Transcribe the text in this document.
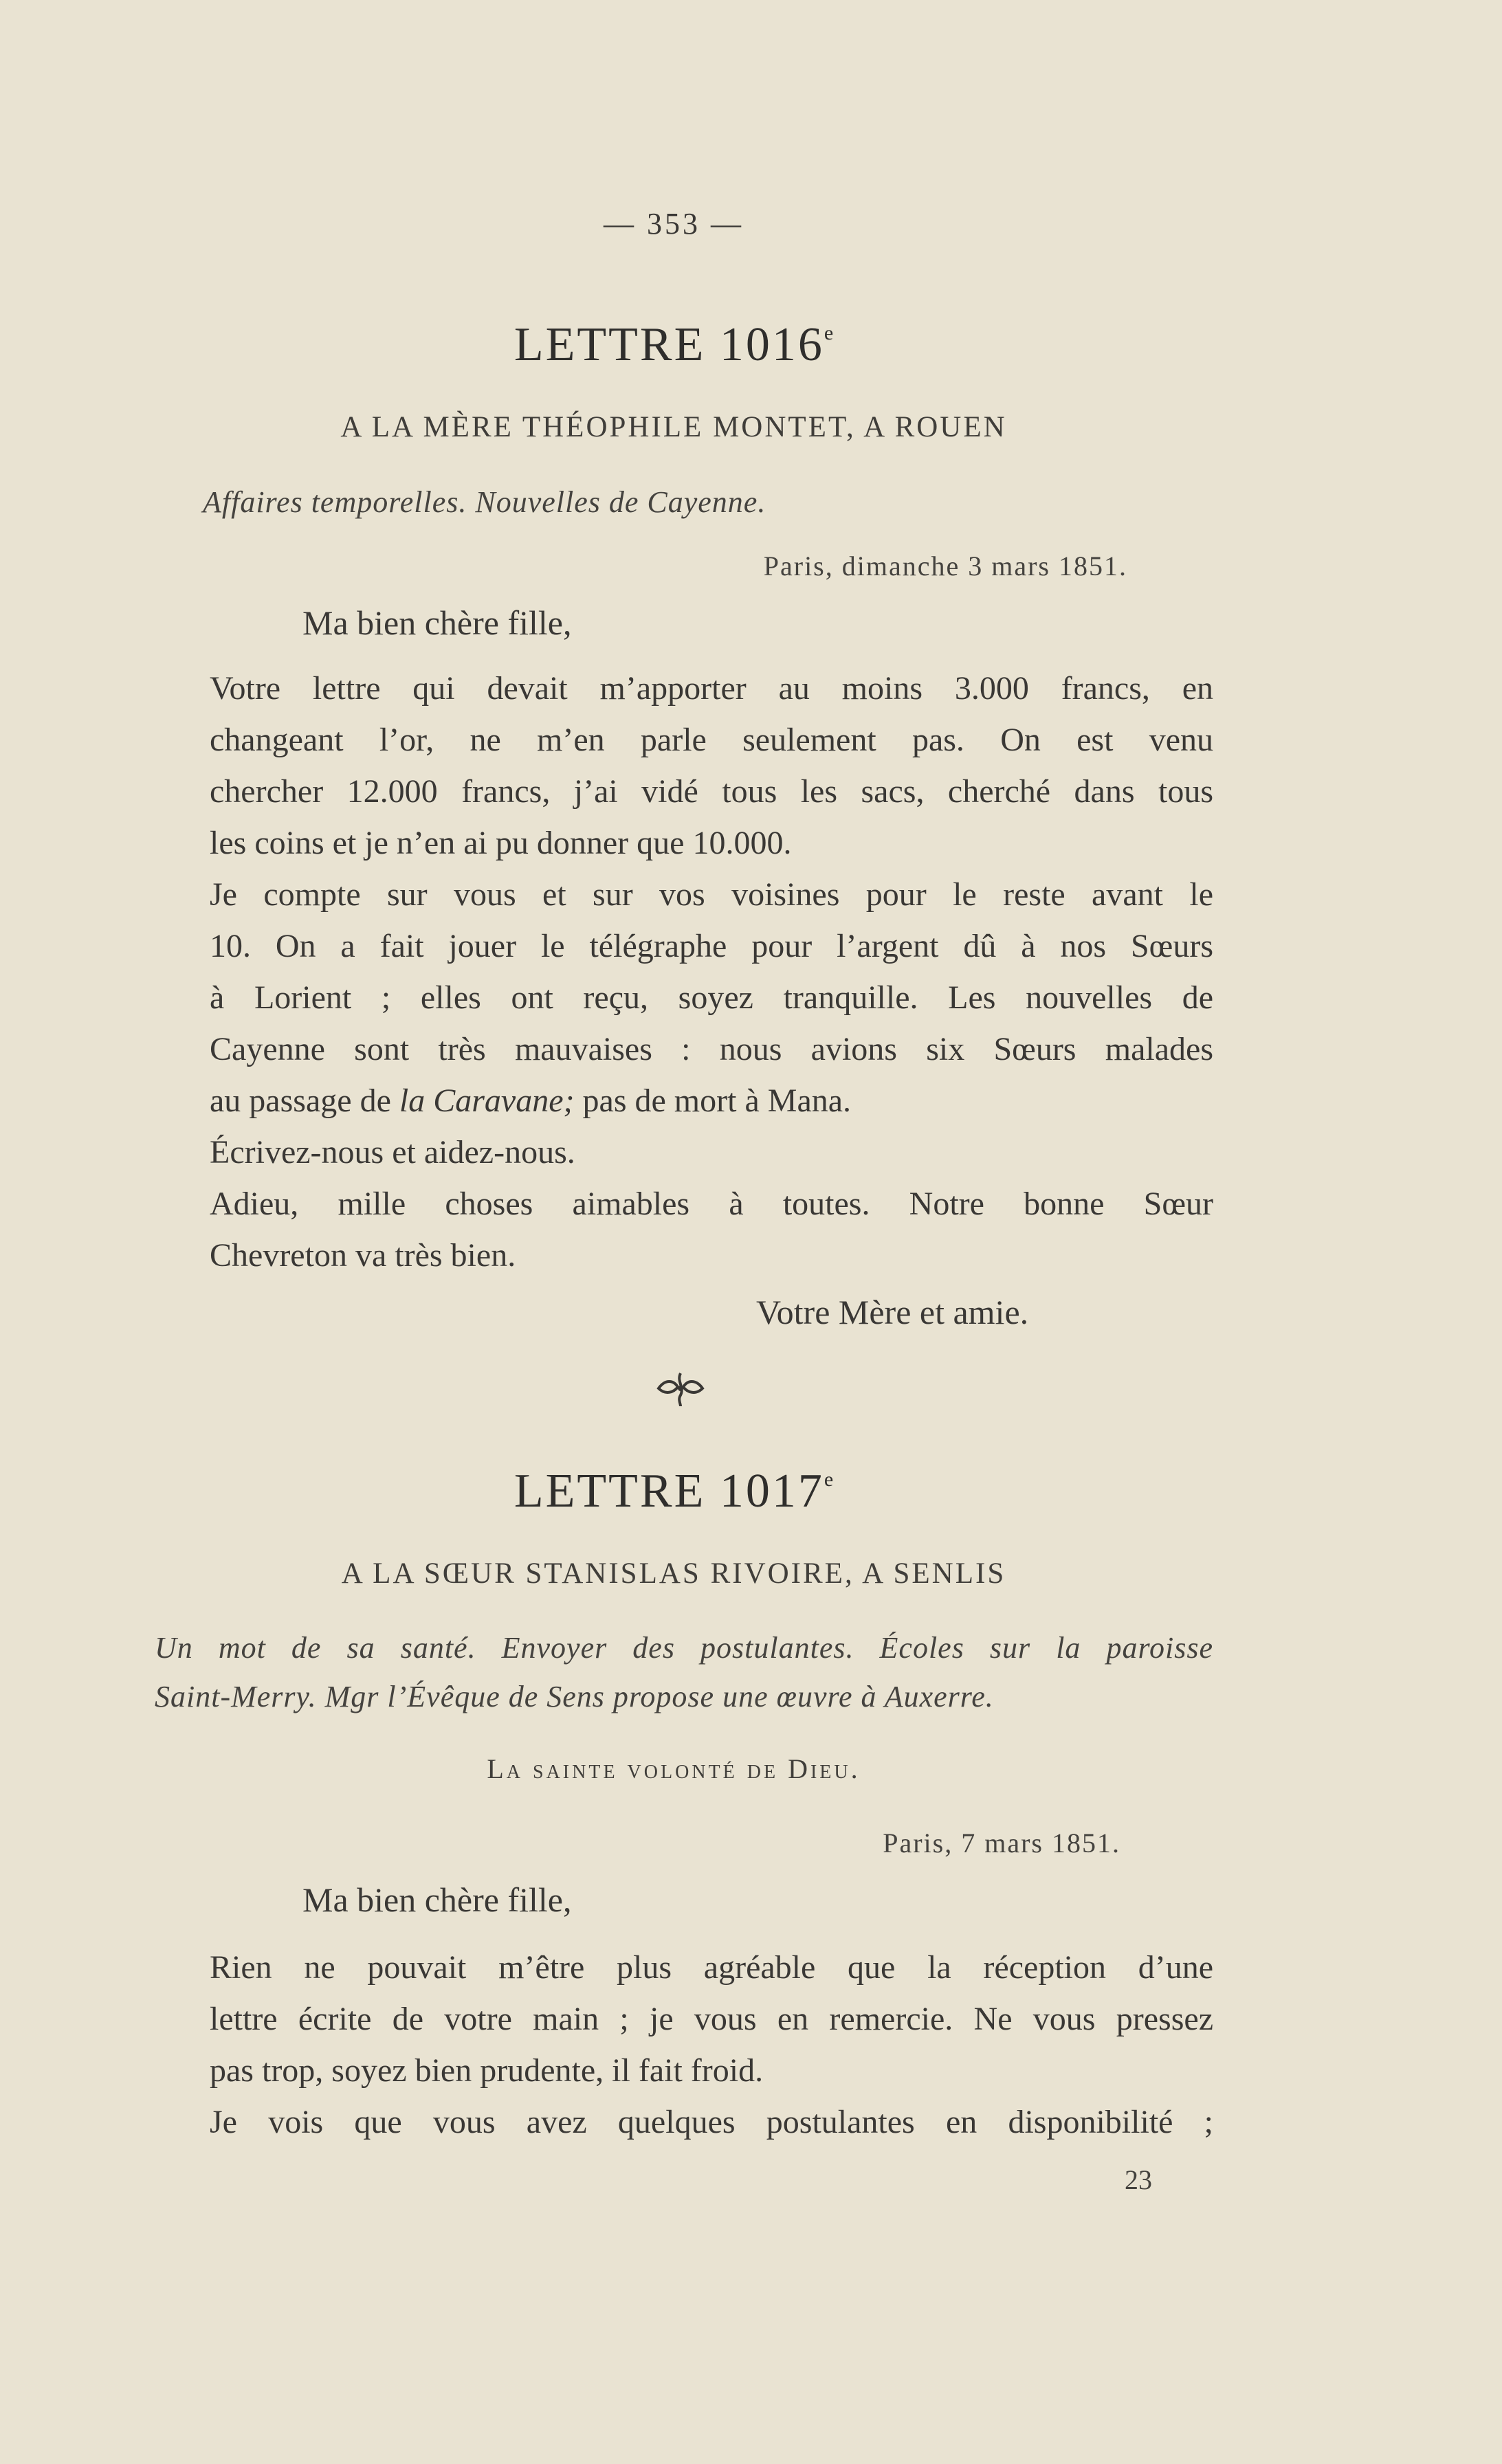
— 353 —
LETTRE 1016e
A LA MÈRE THÉOPHILE MONTET, A ROUEN
Affaires temporelles. Nouvelles de Cayenne.
Paris, dimanche 3 mars 1851.
Ma bien chère fille,

Votre lettre qui devait m’apporter au moins 3.000 francs, en
changeant l’or, ne m’en parle seulement pas. On est venu
chercher 12.000 francs, j’ai vidé tous les sacs, cherché dans tous
les coins et je n’en ai pu donner que 10.000.

Je compte sur vous et sur vos voisines pour le reste avant le
10. On a fait jouer le télégraphe pour l’argent dû à nos Sœurs
à Lorient ; elles ont reçu, soyez tranquille. Les nouvelles de
Cayenne sont très mauvaises : nous avions six Sœurs malades
au passage de la Caravane; pas de mort à Mana.

Écrivez-nous et aidez-nous.

Adieu, mille choses aimables à toutes. Notre bonne Sœur
Chevreton va très bien.

Votre Mère et amie.
LETTRE 1017e
A LA SŒUR STANISLAS RIVOIRE, A SENLIS
Un mot de sa santé. Envoyer des postulantes. Écoles sur la paroisse
Saint-Merry. Mgr l’Évêque de Sens propose une œuvre à Auxerre.
La sainte volonté de Dieu.
Paris, 7 mars 1851.
Ma bien chère fille,

Rien ne pouvait m’être plus agréable que la réception d’une
lettre écrite de votre main ; je vous en remercie. Ne vous pressez
pas trop, soyez bien prudente, il fait froid.

Je vois que vous avez quelques postulantes en disponibilité ;

23
